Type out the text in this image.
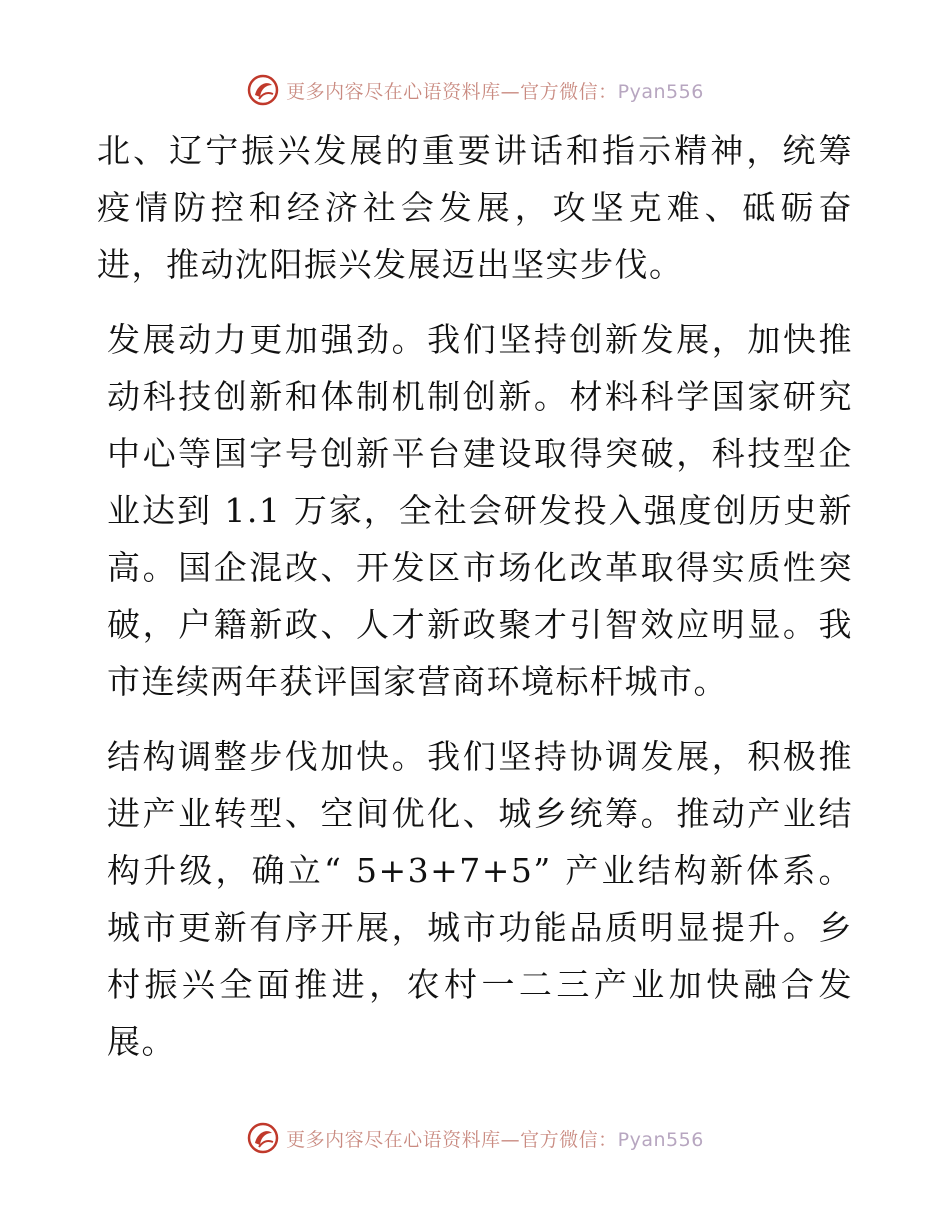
更多内容尽在心语资料库—官方微信：Pyan556

北、辽宁振兴发展的重要讲话和指示精神，统筹疫情防控和经济社会发展，攻坚克难、砥砺奋进，推动沈阳振兴发展迈出坚实步伐。

发展动力更加强劲。我们坚持创新发展，加快推动科技创新和体制机制创新。材料科学国家研究中心等国字号创新平台建设取得突破，科技型企业达到 1.1 万家，全社会研发投入强度创历史新高。国企混改、开发区市场化改革取得实质性突破，户籍新政、人才新政聚才引智效应明显。我市连续两年获评国家营商环境标杆城市。

结构调整步伐加快。我们坚持协调发展，积极推进产业转型、空间优化、城乡统筹。推动产业结构升级，确立“ 5+3+7+5” 产业结构新体系。城市更新有序开展，城市功能品质明显提升。乡村振兴全面推进，农村一二三产业加快融合发展。

更多内容尽在心语资料库—官方微信：Pyan556
